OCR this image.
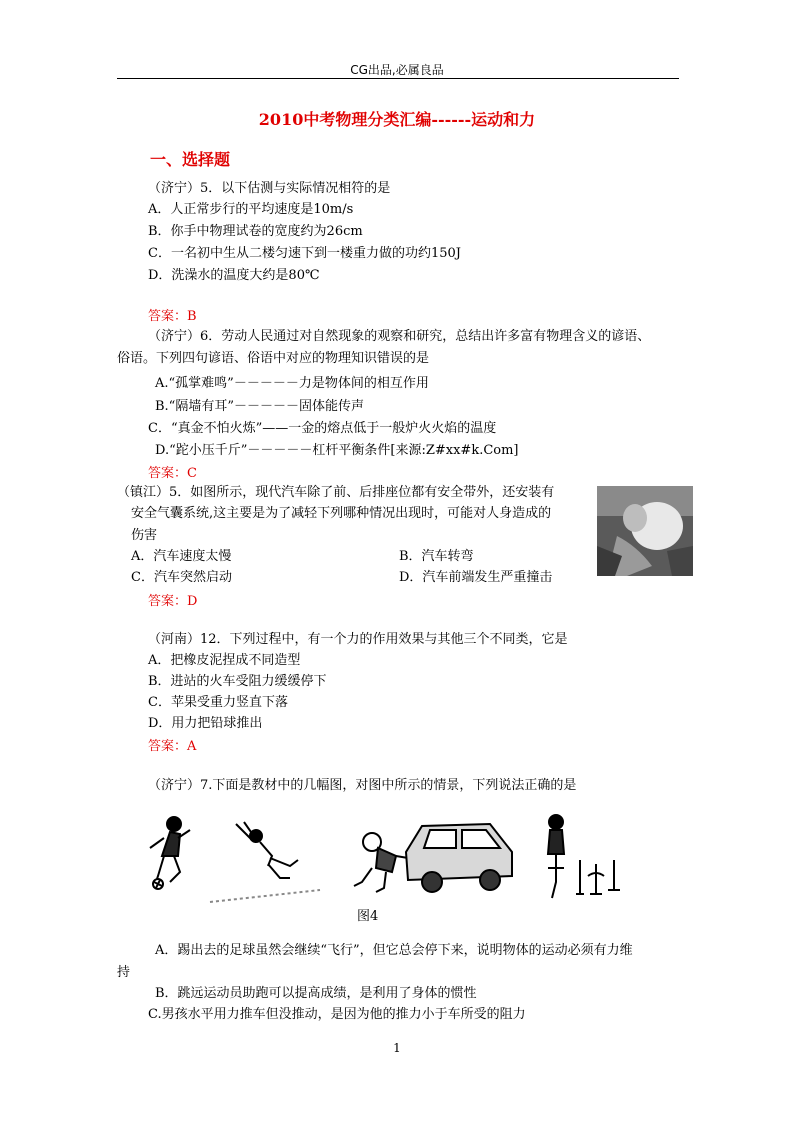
CG出品,必属良品
2010中考物理分类汇编------运动和力
一、选择题
（济宁）5．以下估测与实际情况相符的是
A．人正常步行的平均速度是10m/s
B．你手中物理试卷的宽度约为26cm
C．一名初中生从二楼匀速下到一楼重力做的功约150J
D．洗澡水的温度大约是80℃
答案：B
（济宁）6．劳动人民通过对自然现象的观察和研究，总结出许多富有物理含义的谚语、
俗语。下列四句谚语、俗语中对应的物理知识错误的是
A.“孤掌难鸣”－－－－－力是物体间的相互作用
B.“隔墙有耳”－－－－－固体能传声
C．“真金不怕火炼”——一金的熔点低于一般炉火火焰的温度
D.“跎小压千斤”－－－－－杠杆平衡条件[来源:Z#xx#k.Com]
答案：C
（镇江）5．如图所示，现代汽车除了前、后排座位都有安全带外，还安装有
安全气囊系统,这主要是为了减轻下列哪种情况出现时，可能对人身造成的
伤害
A．汽车速度太慢	B．汽车转弯
C．汽车突然启动	D．汽车前端发生严重撞击
答案：D
（河南）12．下列过程中，有一个力的作用效果与其他三个不同类，它是
A．把橡皮泥捏成不同造型
B．进站的火车受阻力缓缓停下
C．苹果受重力竖直下落
D．用力把铅球推出
答案：A
（济宁）7.下面是教材中的几幅图，对图中所示的情景，下列说法正确的是
图4
A．踢出去的足球虽然会继续“飞行”，但它总会停下来，说明物体的运动必须有力维
持
B．跳远运动员助跑可以提高成绩，是利用了身体的惯性
C.男孩水平用力推车但没推动，是因为他的推力小于车所受的阻力
1
